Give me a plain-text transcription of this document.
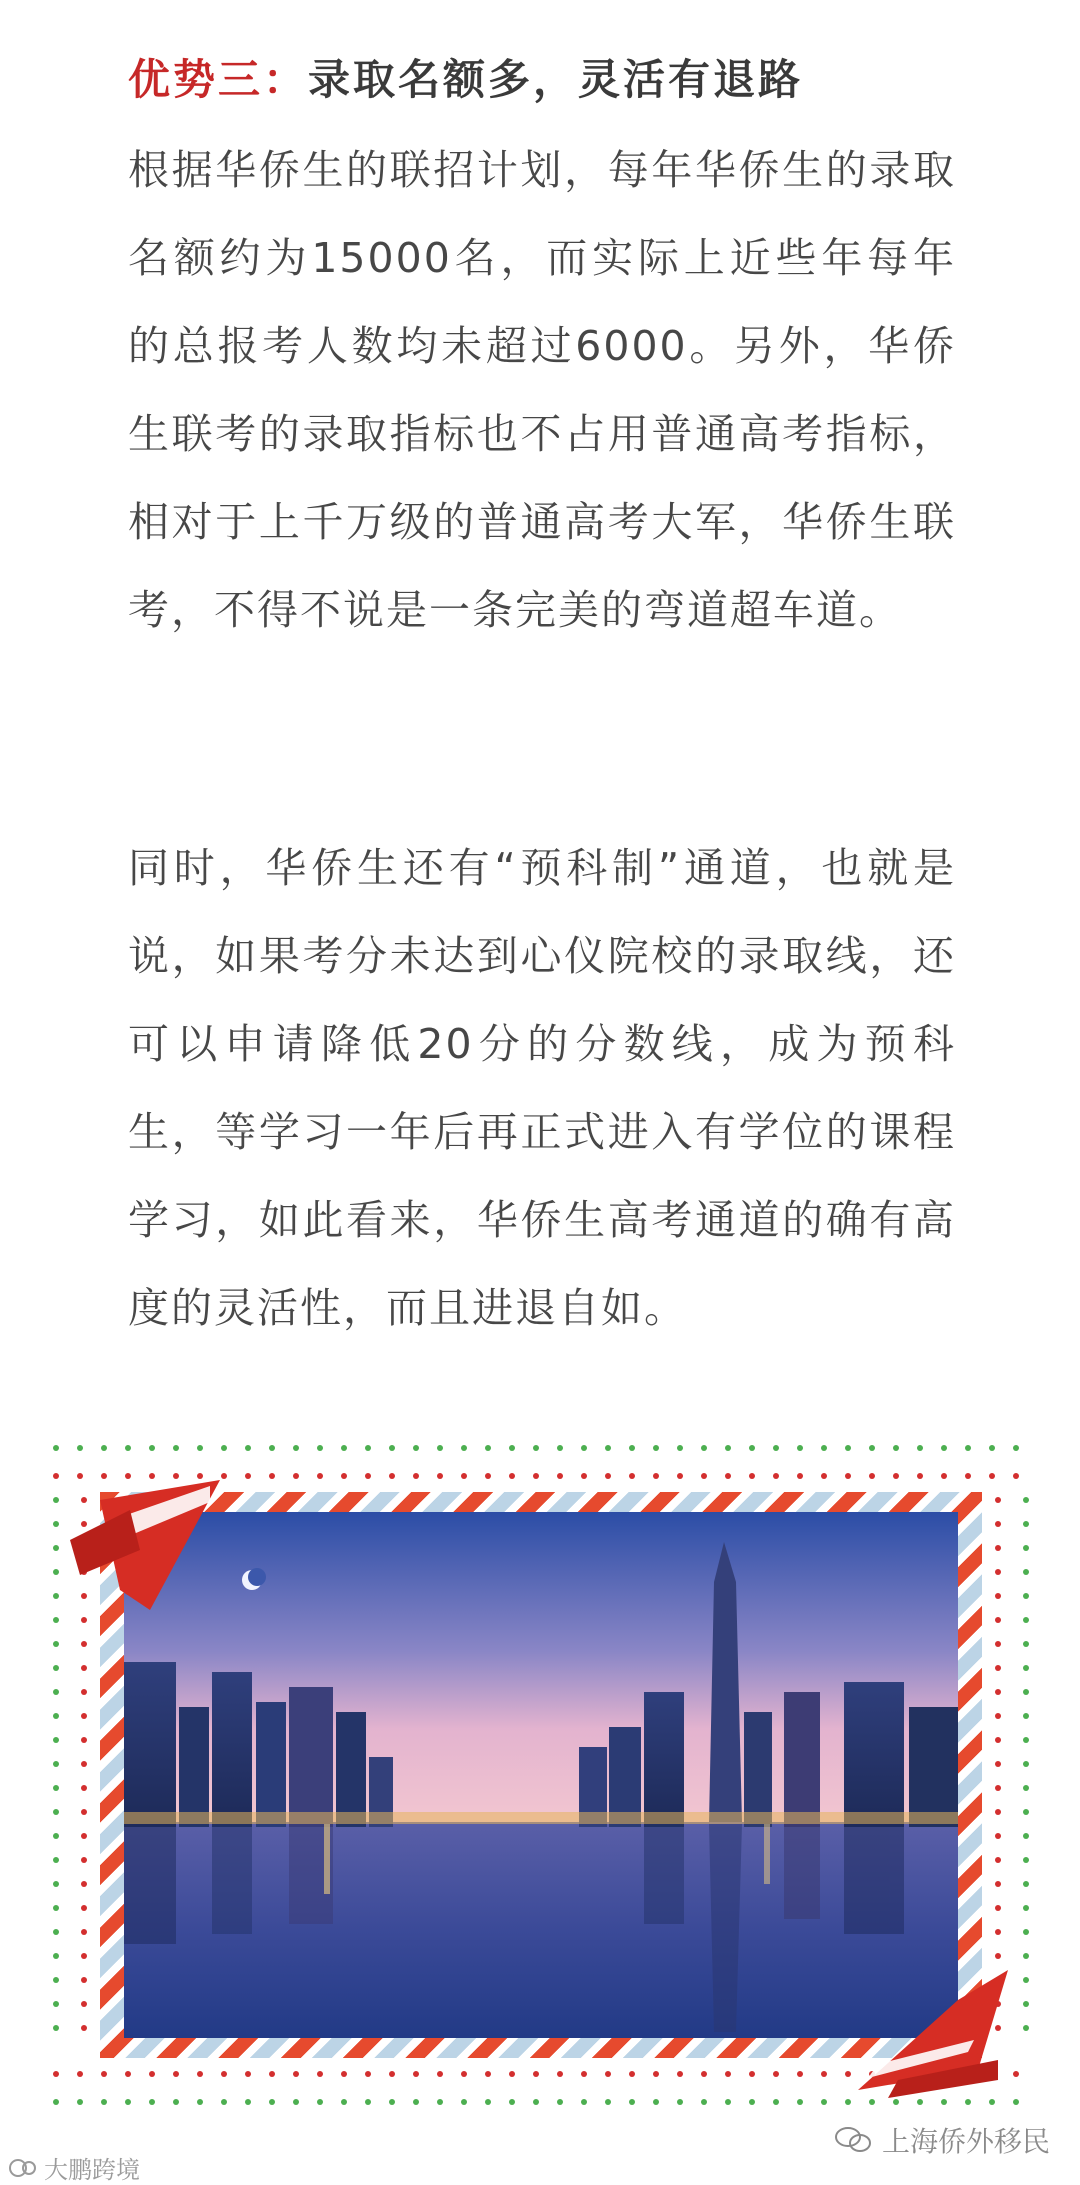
优势三：录取名额多，灵活有退路

根据华侨生的联招计划，每年华侨生的录取名额约为15000名，而实际上近些年每年的总报考人数均未超过6000。另外，华侨生联考的录取指标也不占用普通高考指标，相对于上千万级的普通高考大军，华侨生联考，不得不说是一条完美的弯道超车道。

同时，华侨生还有“预科制”通道，也就是说，如果考分未达到心仪院校的录取线，还可以申请降低20分的分数线，成为预科生，等学习一年后再正式进入有学位的课程学习，如此看来，华侨生高考通道的确有高度的灵活性，而且进退自如。

上海侨外移民
大鹏跨境
